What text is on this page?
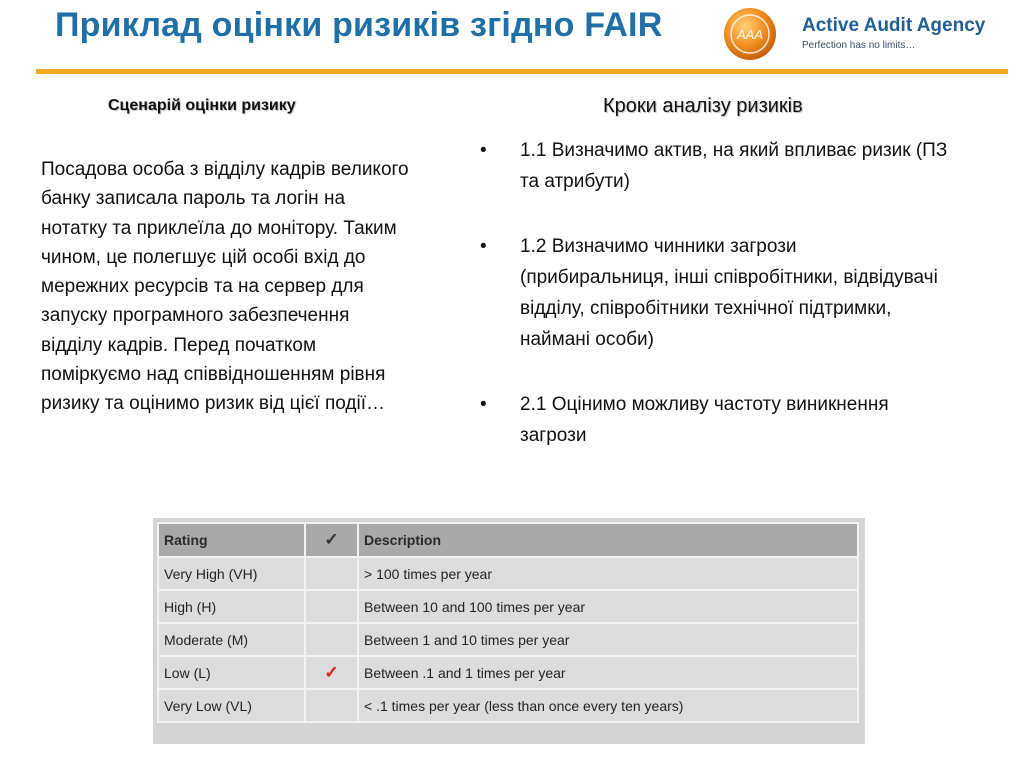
Приклад оцінки ризиків згідно FAIR	AAA Active Audit Agency
Perfection has no limits…
Сценарій оцінки ризику
Посадова особа з відділу кадрів великого банку записала пароль та логін на нотатку та приклеїла до монітору. Таким чином, це полегшує цій особі вхід до мережних ресурсів та на сервер для запуску програмного забезпечення відділу кадрів. Перед початком поміркуємо над співвідношенням рівня ризику та оцінимо ризик від цієї події…
Кроки аналізу ризиків
• 1.1 Визначимо актив, на який впливає ризик (ПЗ та атрибути)
• 1.2 Визначимо чинники загрози (прибиральниця, інші співробітники, відвідувачі відділу, співробітники технічної підтримки, наймані особи)
• 2.1 Оцінимо можливу частоту виникнення загрози
Rating	✓	Description
Very High (VH)		> 100 times per year
High (H)		Between 10 and 100 times per year
Moderate (M)		Between 1 and 10 times per year
Low (L)	✓	Between .1 and 1 times per year
Very Low (VL)		< .1 times per year (less than once every ten years)
